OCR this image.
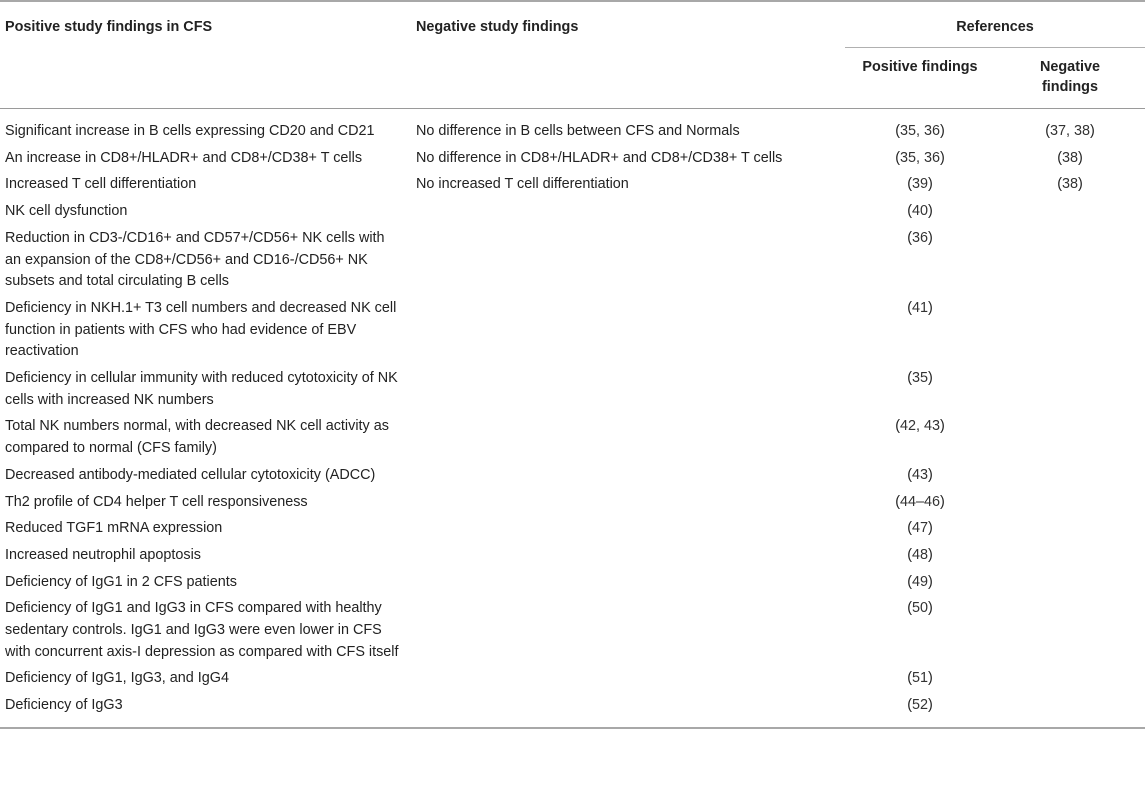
Positive study findings in CFS	Negative study findings	References	
		Positive findings	Negative findings
Significant increase in B cells expressing CD20 and CD21	No difference in B cells between CFS and Normals	(35, 36)	(37, 38)
An increase in CD8+/HLADR+ and CD8+/CD38+ T cells	No difference in CD8+/HLADR+ and CD8+/CD38+ T cells	(35, 36)	(38)
Increased T cell differentiation	No increased T cell differentiation	(39)	(38)
NK cell dysfunction		(40)	
Reduction in CD3-/CD16+ and CD57+/CD56+ NK cells with an expansion of the CD8+/CD56+ and CD16-/CD56+ NK subsets and total circulating B cells		(36)	
Deficiency in NKH.1+ T3 cell numbers and decreased NK cell function in patients with CFS who had evidence of EBV reactivation		(41)	
Deficiency in cellular immunity with reduced cytotoxicity of NK cells with increased NK numbers		(35)	
Total NK numbers normal, with decreased NK cell activity as compared to normal (CFS family)		(42, 43)	
Decreased antibody-mediated cellular cytotoxicity (ADCC)		(43)	
Th2 profile of CD4 helper T cell responsiveness		(44–46)	
Reduced TGF1 mRNA expression		(47)	
Increased neutrophil apoptosis		(48)	
Deficiency of IgG1 in 2 CFS patients		(49)	
Deficiency of IgG1 and IgG3 in CFS compared with healthy sedentary controls. IgG1 and IgG3 were even lower in CFS with concurrent axis-I depression as compared with CFS itself		(50)	
Deficiency of IgG1, IgG3, and IgG4		(51)	
Deficiency of IgG3		(52)	
